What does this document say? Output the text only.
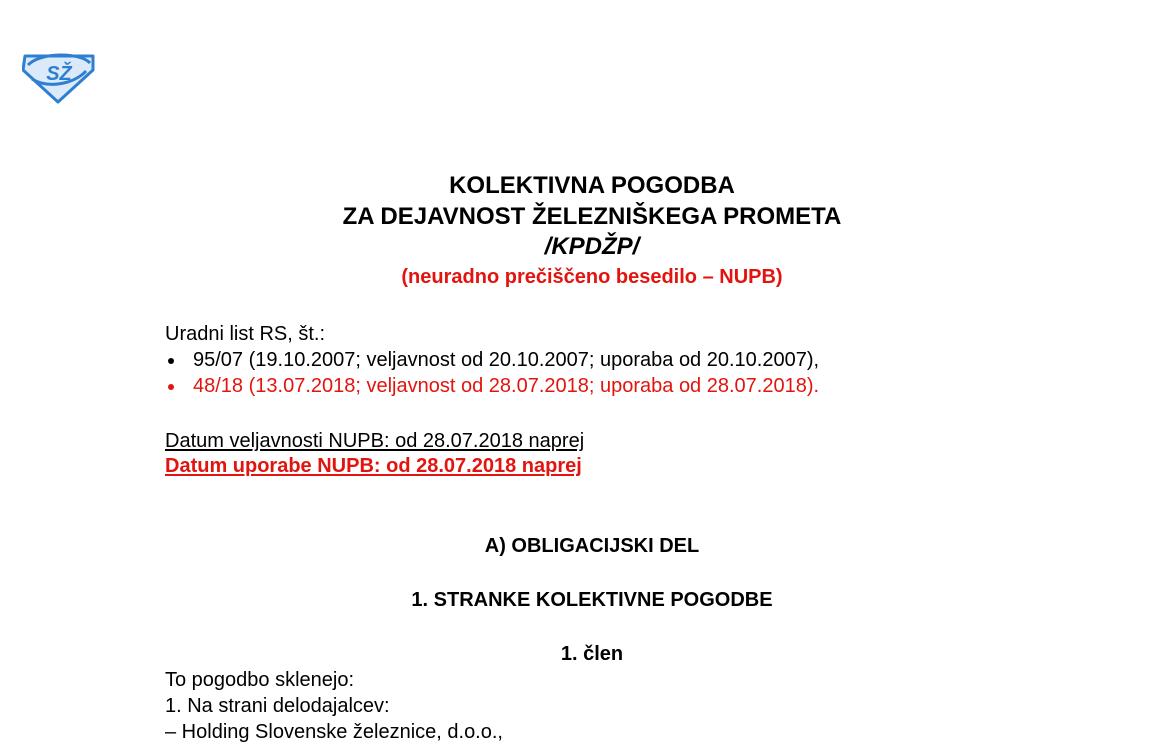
SŽ
KOLEKTIVNA POGODBA
ZA DEJAVNOST ŽELEZNIŠKEGA PROMETA
/KPDŽP/
(neuradno prečiščeno besedilo – NUPB)
Uradni list RS, št.:
95/07 (19.10.2007; veljavnost od 20.10.2007; uporaba od 20.10.2007),
48/18 (13.07.2018; veljavnost od 28.07.2018; uporaba od 28.07.2018).
Datum veljavnosti NUPB: od 28.07.2018 naprej
Datum uporabe NUPB: od 28.07.2018 naprej
A) OBLIGACIJSKI DEL
1. STRANKE KOLEKTIVNE POGODBE
1. člen
To pogodbo sklenejo:
1. Na strani delodajalcev:
– Holding Slovenske železnice, d.o.o.,
